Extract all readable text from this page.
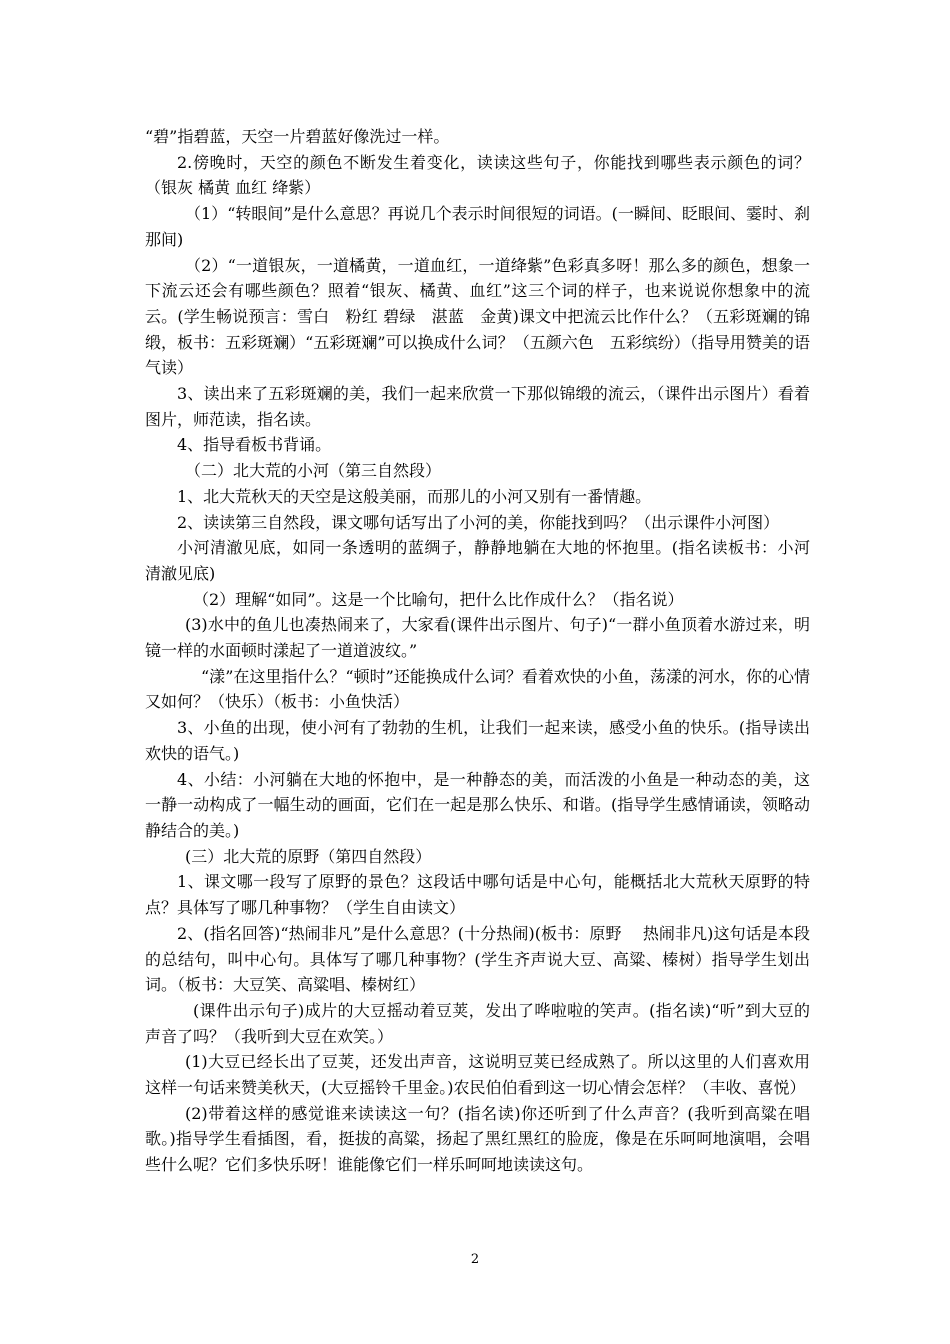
“碧”指碧蓝，天空一片碧蓝好像洗过一样。

2.傍晚时，天空的颜色不断发生着变化，读读这些句子，你能找到哪些表示颜色的词？（银灰 橘黄 血红 绛紫）

（1）“转眼间”是什么意思？再说几个表示时间很短的词语。(一瞬间、眨眼间、霎时、刹那间)

（2）“一道银灰，一道橘黄，一道血红，一道绛紫”色彩真多呀！那么多的颜色，想象一下流云还会有哪些颜色？照着“银灰、橘黄、血红”这三个词的样子，也来说说你想象中的流云。(学生畅说预言：雪白　粉红 碧绿　湛蓝　金黄)课文中把流云比作什么？（五彩斑斓的锦缎，板书：五彩斑斓）“五彩斑斓”可以换成什么词？（五颜六色　五彩缤纷）（指导用赞美的语气读）

3、读出来了五彩斑斓的美，我们一起来欣赏一下那似锦缎的流云，（课件出示图片）看着图片，师范读，指名读。

4、指导看板书背诵。

（二）北大荒的小河（第三自然段）

1、北大荒秋天的天空是这般美丽，而那儿的小河又别有一番情趣。

2、读读第三自然段，课文哪句话写出了小河的美，你能找到吗？（出示课件小河图）

小河清澈见底，如同一条透明的蓝绸子，静静地躺在大地的怀抱里。(指名读板书：小河　清澈见底)

（2）理解“如同”。这是一个比喻句，把什么比作成什么？（指名说）

(3)水中的鱼儿也凑热闹来了，大家看(课件出示图片、句子)“一群小鱼顶着水游过来，明镜一样的水面顿时漾起了一道道波纹。”

“漾”在这里指什么？“顿时”还能换成什么词？看着欢快的小鱼，荡漾的河水，你的心情又如何？（快乐）（板书：小鱼快活）

3、小鱼的出现，使小河有了勃勃的生机，让我们一起来读，感受小鱼的快乐。(指导读出欢快的语气。)

4、小结：小河躺在大地的怀抱中，是一种静态的美，而活泼的小鱼是一种动态的美，这一静一动构成了一幅生动的画面，它们在一起是那么快乐、和谐。(指导学生感情诵读，领略动静结合的美。)

(三）北大荒的原野（第四自然段）

1、课文哪一段写了原野的景色？这段话中哪句话是中心句，能概括北大荒秋天原野的特点？具体写了哪几种事物？（学生自由读文）

2、(指名回答)“热闹非凡”是什么意思？(十分热闹)(板书：原野　 热闹非凡)这句话是本段的总结句，叫中心句。具体写了哪几种事物？(学生齐声说大豆、高粱、榛树）指导学生划出词。（板书：大豆笑、高粱唱、榛树红）

(课件出示句子)成片的大豆摇动着豆荚，发出了哗啦啦的笑声。(指名读)“听”到大豆的声音了吗？（我听到大豆在欢笑。）

(1)大豆已经长出了豆荚，还发出声音，这说明豆荚已经成熟了。所以这里的人们喜欢用这样一句话来赞美秋天，(大豆摇铃千里金。)农民伯伯看到这一切心情会怎样？（丰收、喜悦）

(2)带着这样的感觉谁来读读这一句？(指名读)你还听到了什么声音？(我听到高粱在唱歌。)指导学生看插图，看，挺拔的高粱，扬起了黑红黑红的脸庞，像是在乐呵呵地演唱，会唱些什么呢？它们多快乐呀！谁能像它们一样乐呵呵地读读这句。

2
